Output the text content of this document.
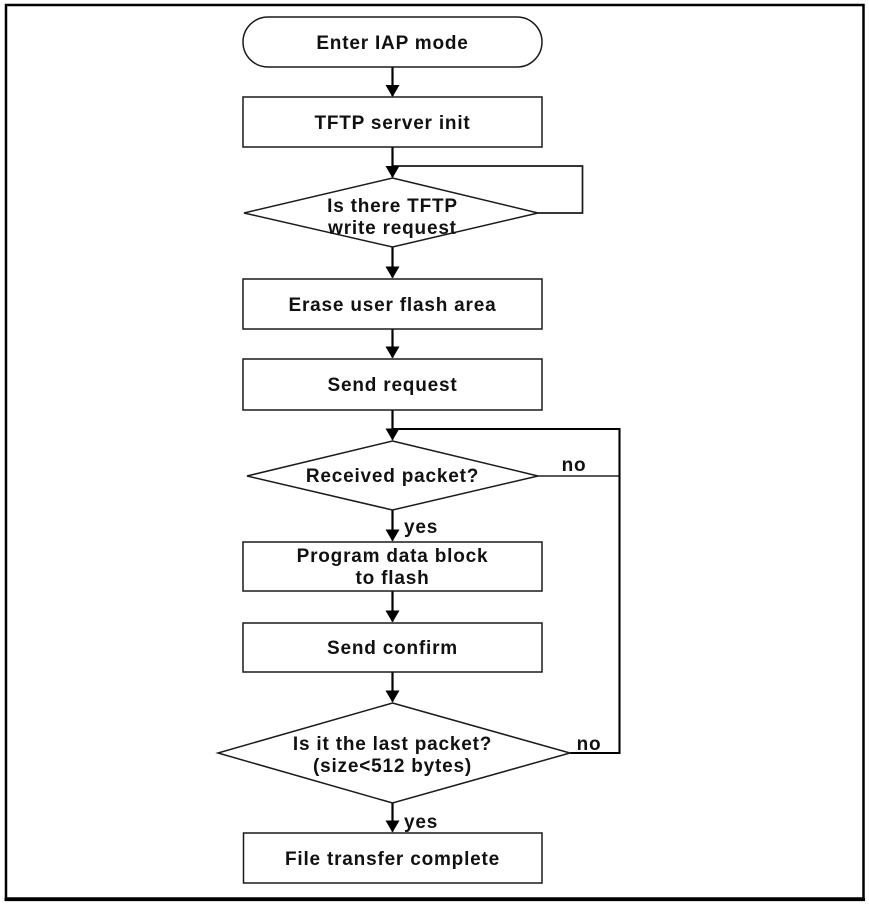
Enter IAP mode
TFTP server init
Is there TFTP
write request
Erase user flash area
Send request
Received packet?
Program data block
to flash
Send confirm
Is it the last packet?
(size<512 bytes)
File transfer complete
no
yes
no
yes
